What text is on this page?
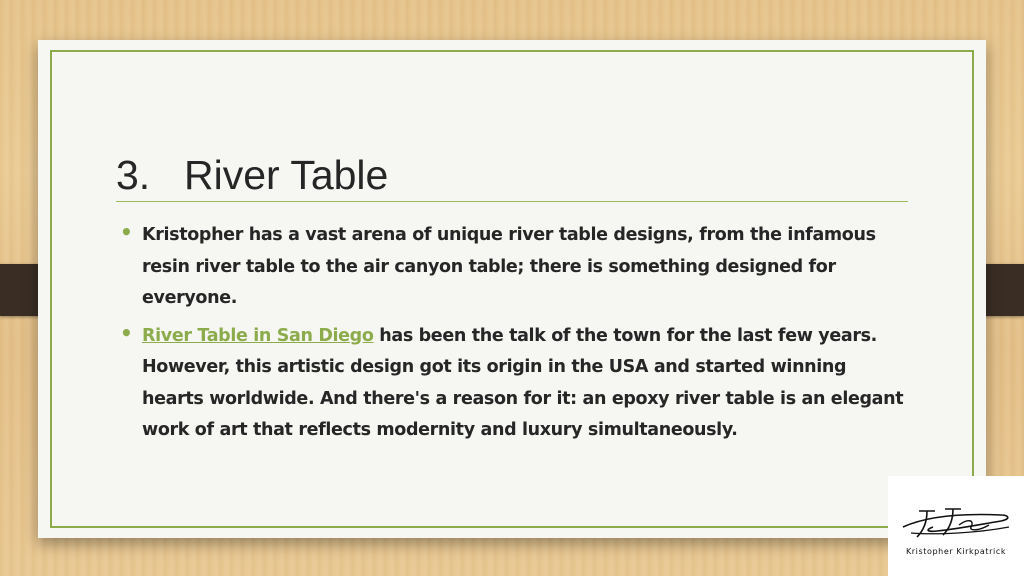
3. River Table
• Kristopher has a vast arena of unique river table designs, from the infamous resin river table to the air canyon table; there is something designed for everyone.
• River Table in San Diego has been the talk of the town for the last few years. However, this artistic design got its origin in the USA and started winning hearts worldwide. And there's a reason for it: an epoxy river table is an elegant work of art that reflects modernity and luxury simultaneously.
Kristopher Kirkpatrick
